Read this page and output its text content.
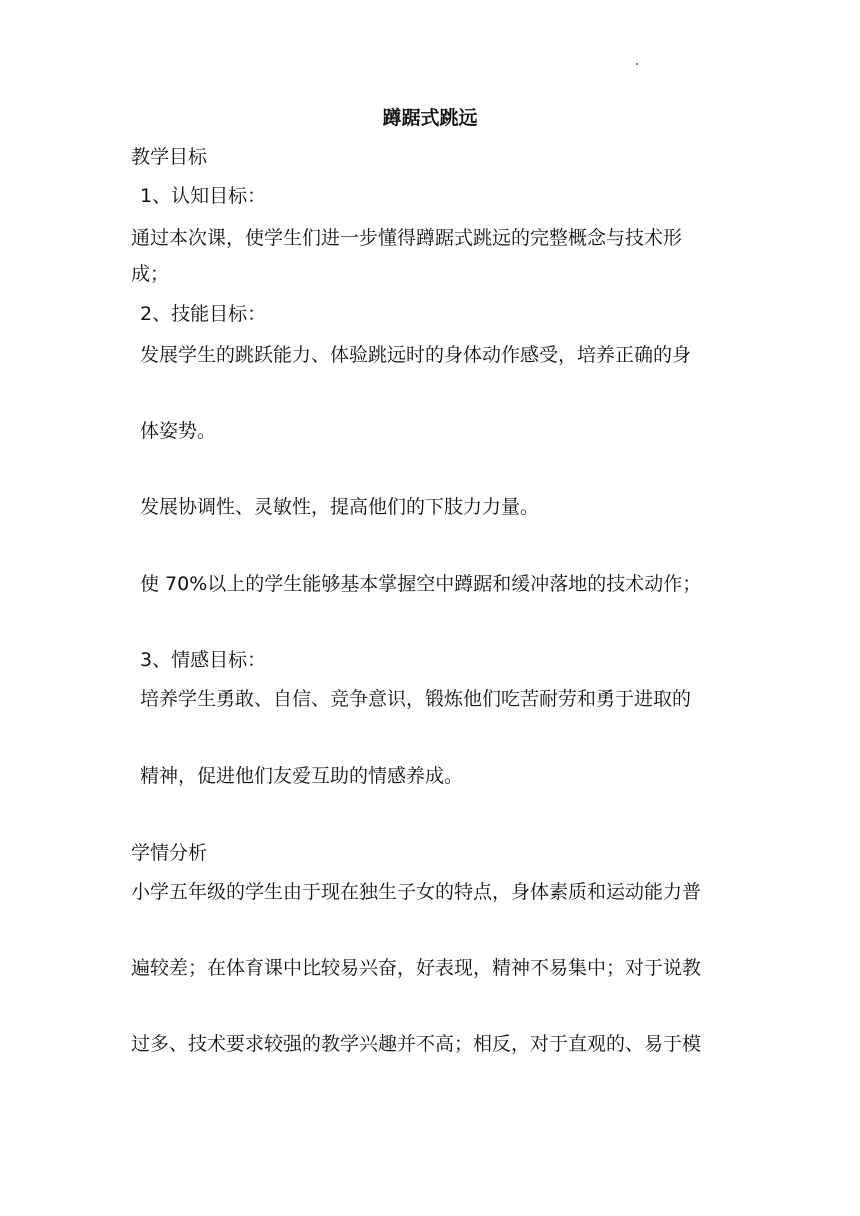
蹲踞式跳远
教学目标
1、认知目标：
通过本次课，使学生们进一步懂得蹲踞式跳远的完整概念与技术形
成；
2、技能目标：
发展学生的跳跃能力、体验跳远时的身体动作感受，培养正确的身
体姿势。
发展协调性、灵敏性，提高他们的下肢力力量。
使 70%以上的学生能够基本掌握空中蹲踞和缓冲落地的技术动作；
3、情感目标：
培养学生勇敢、自信、竞争意识，锻炼他们吃苦耐劳和勇于进取的
精神，促进他们友爱互助的情感养成。
学情分析
小学五年级的学生由于现在独生子女的特点，身体素质和运动能力普
遍较差；在体育课中比较易兴奋，好表现，精神不易集中；对于说教
过多、技术要求较强的教学兴趣并不高；相反，对于直观的、易于模
